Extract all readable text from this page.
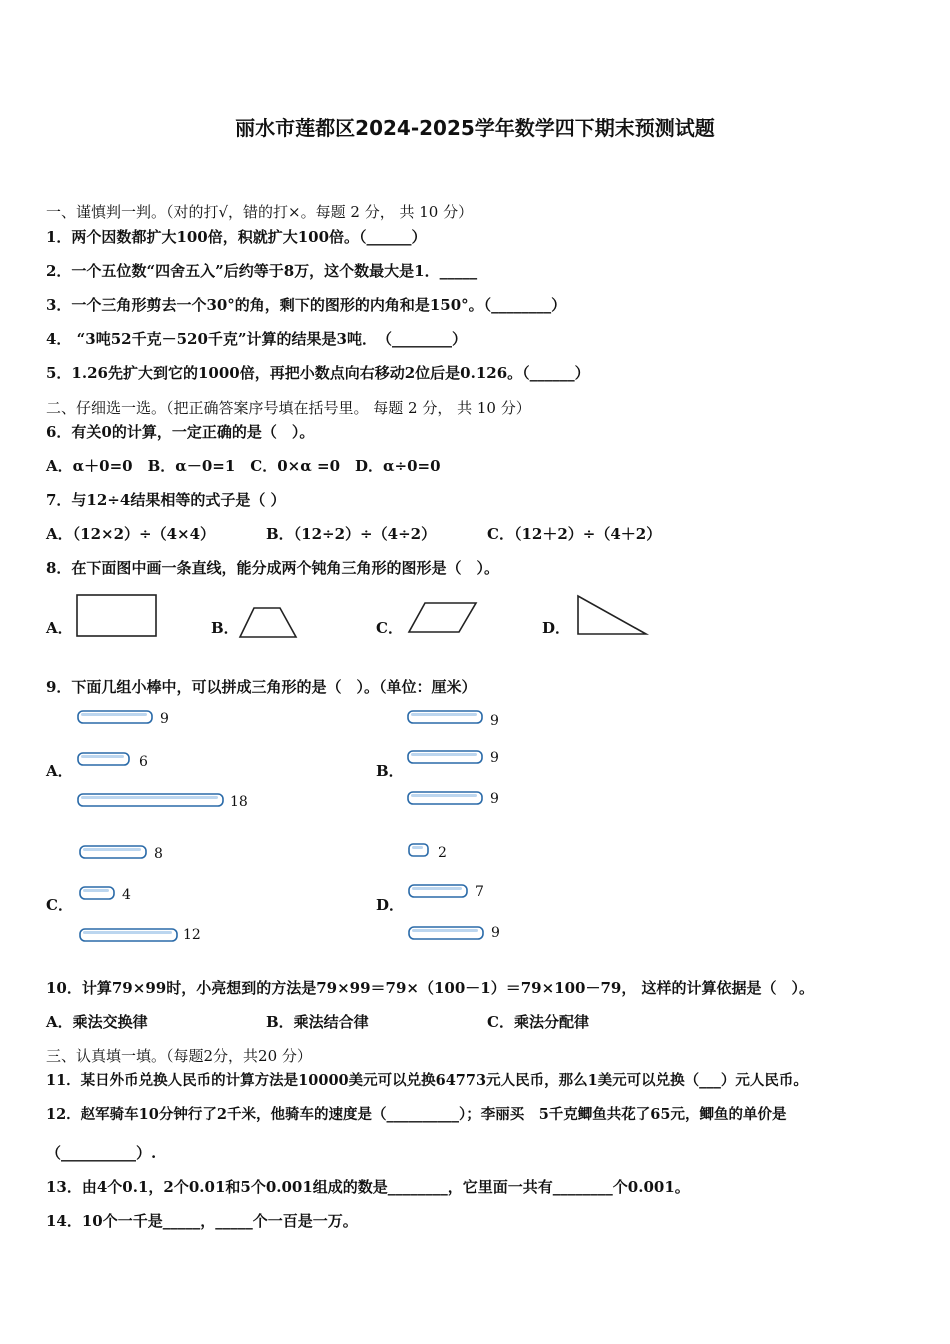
丽水市莲都区2024-2025学年数学四下期末预测试题
一、谨慎判一判。（对的打√，错的打×。每题 2 分， 共 10 分）
1．两个因数都扩大100倍，积就扩大100倍。（______）
2．一个五位数“四舍五入”后约等于8万，这个数最大是1．_____
3．一个三角形剪去一个30°的角，剩下的图形的内角和是150°。（________）
4． “3吨52千克－520千克”计算的结果是3吨．　（________）
5．1.26先扩大到它的1000倍，再把小数点向右移动2位后是0.126。（______）
二、仔细选一选。（把正确答案序号填在括号里。 每题 2 分， 共 10 分）
6．有关0的计算，一定正确的是（　）。
A．α＋0=0　B．α－0=1　C．0×α =0　D．α÷0=0
7．与12÷4结果相等的式子是（ ）
A．（12×2）÷（4×4）	B．（12÷2）÷（4÷2）	C．（12＋2）÷（4＋2）
8．在下面图中画一条直线，能分成两个钝角三角形的图形是（　）。
A．	B．	C．	D．
9．下面几组小棒中，可以拼成三角形的是（　）。（单位：厘米）
A．	B．
C．	D．
9
6
18
9
9
9
8
4
12
2
7
9
10．计算79×99时，小亮想到的方法是79×99＝79×（100－1）＝79×100－79， 这样的计算依据是（　）。
A．乘法交换律	B．乘法结合律	C．乘法分配律
三、认真填一填。（每题2分，共20 分）
11．某日外币兑换人民币的计算方法是10000美元可以兑换64773元人民币，那么1美元可以兑换（___）元人民币。
12．赵军骑车10分钟行了2千米，他骑车的速度是（__________）；李丽买　5千克鲫鱼共花了65元，鲫鱼的单价是
（__________）.
13．由4个0.1，2个0.01和5个0.001组成的数是________，它里面一共有________个0.001。
14．10个一千是_____，_____个一百是一万。
